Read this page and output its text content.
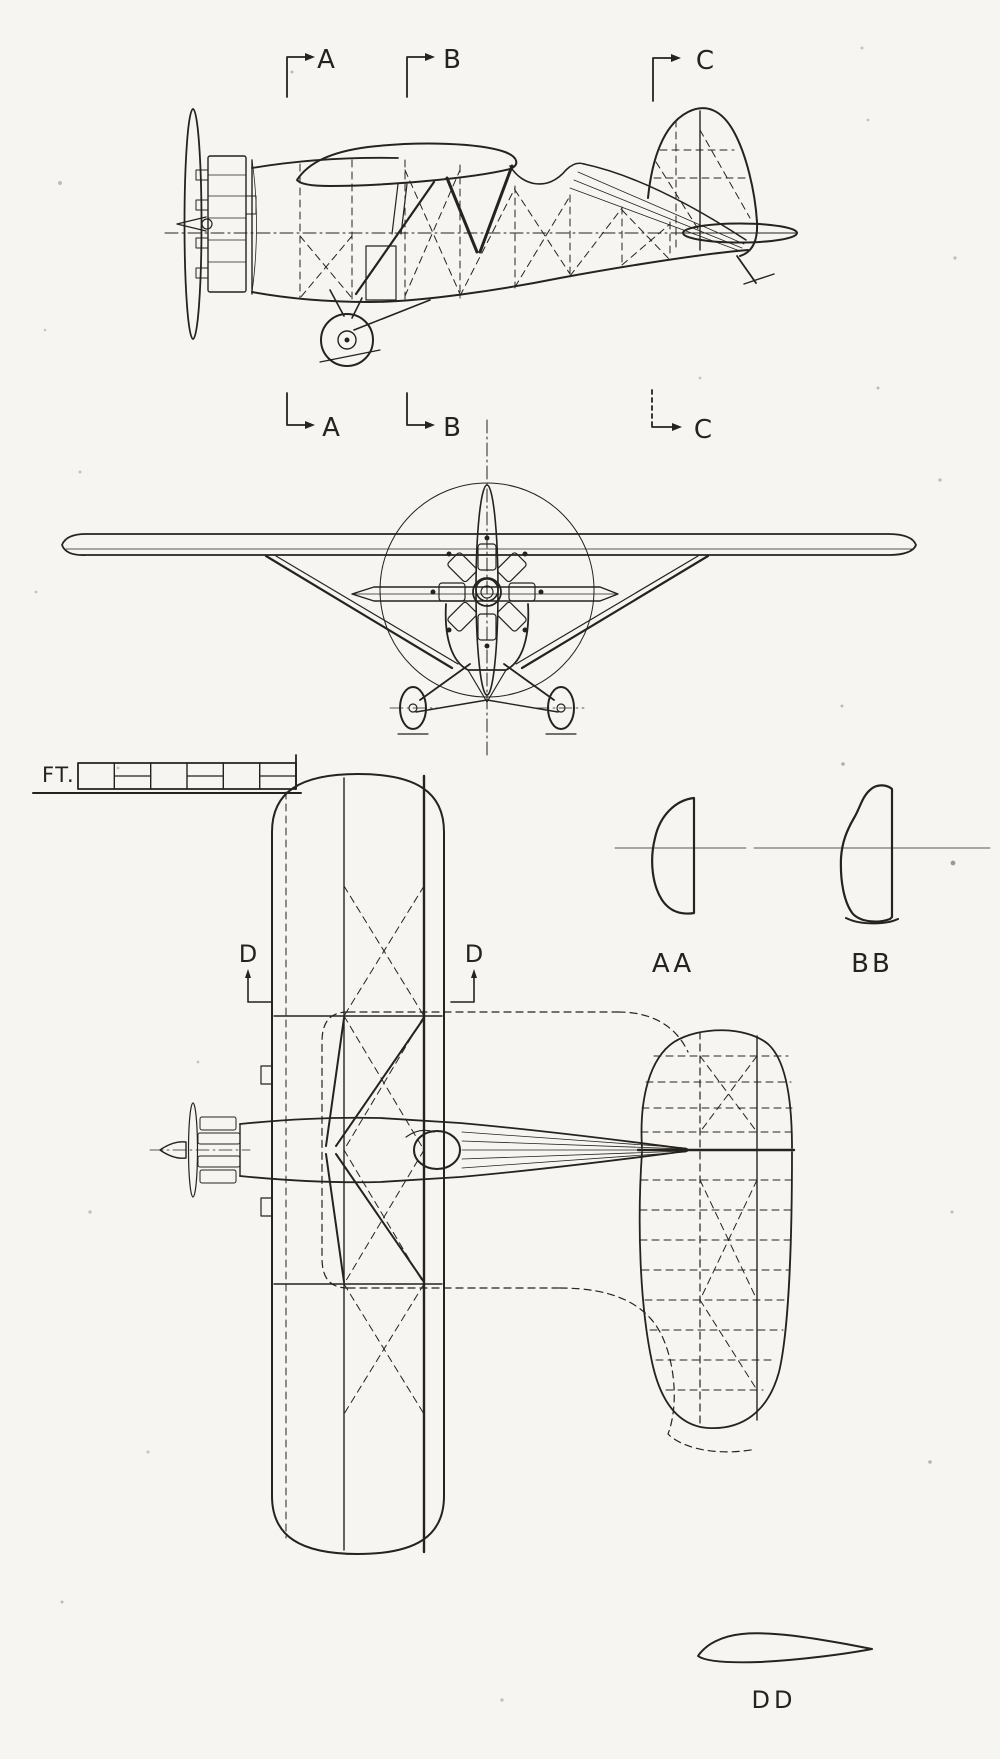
A	B	C
A	B	C
FT.
AA	BB
D	D
DD
